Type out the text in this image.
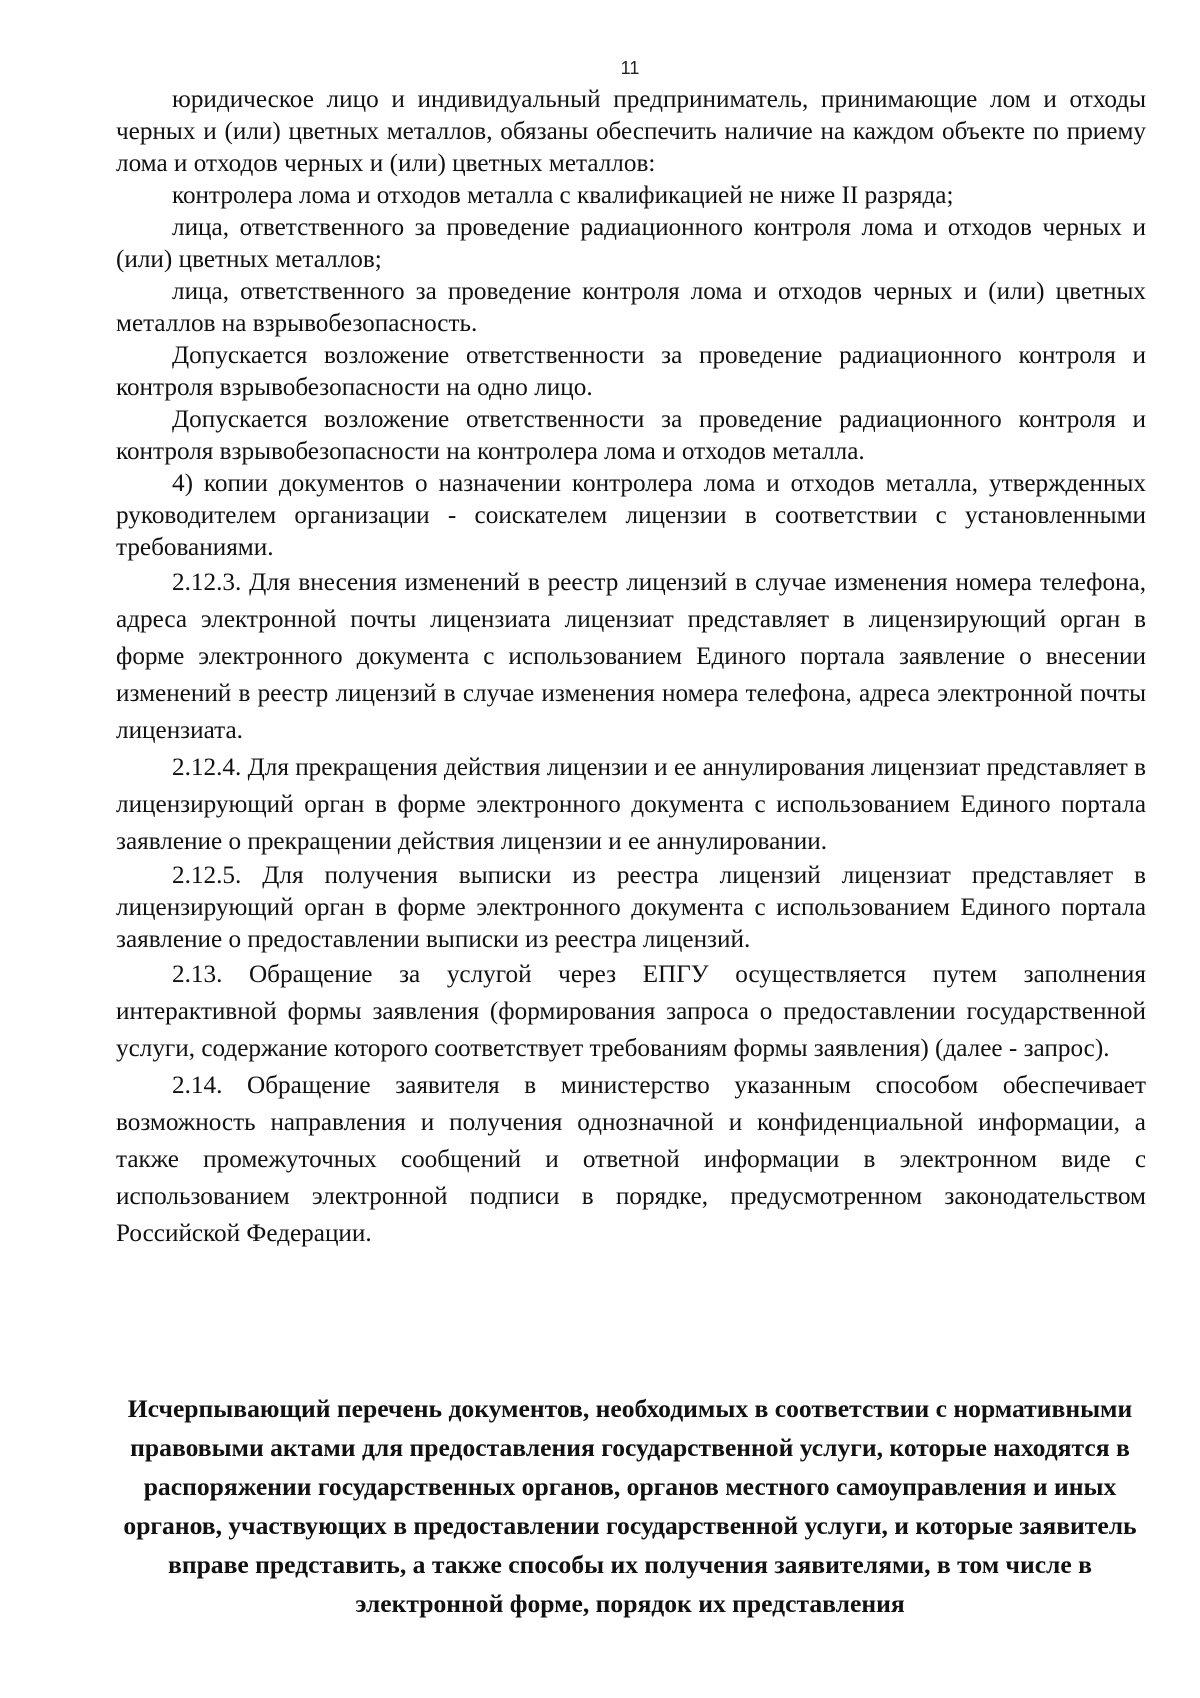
11

юридическое лицо и индивидуальный предприниматель, принимающие лом и отходы черных и (или) цветных металлов, обязаны обеспечить наличие на каждом объекте по приему лома и отходов черных и (или) цветных металлов:

контролера лома и отходов металла с квалификацией не ниже II разряда;

лица, ответственного за проведение радиационного контроля лома и отходов черных и (или) цветных металлов;

лица, ответственного за проведение контроля лома и отходов черных и (или) цветных металлов на взрывобезопасность.

Допускается возложение ответственности за проведение радиационного контроля и контроля взрывобезопасности на одно лицо.

Допускается возложение ответственности за проведение радиационного контроля и контроля взрывобезопасности на контролера лома и отходов металла.

4) копии документов о назначении контролера лома и отходов металла, утвержденных руководителем организации - соискателем лицензии в соответствии с установленными требованиями.

2.12.3. Для внесения изменений в реестр лицензий в случае изменения номера телефона, адреса электронной почты лицензиата лицензиат представляет в лицензирующий орган в форме электронного документа с использованием Единого портала заявление о внесении изменений в реестр лицензий в случае изменения номера телефона, адреса электронной почты лицензиата.

2.12.4. Для прекращения действия лицензии и ее аннулирования лицензиат представляет в лицензирующий орган в форме электронного документа с использованием Единого портала заявление о прекращении действия лицензии и ее аннулировании.

2.12.5. Для получения выписки из реестра лицензий лицензиат представляет в лицензирующий орган в форме электронного документа с использованием Единого портала заявление о предоставлении выписки из реестра лицензий.

2.13. Обращение за услугой через ЕПГУ осуществляется путем заполнения интерактивной формы заявления (формирования запроса о предоставлении государственной услуги, содержание которого соответствует требованиям формы заявления) (далее - запрос).

2.14. Обращение заявителя в министерство указанным способом обеспечивает возможность направления и получения однозначной и конфиденциальной информации, а также промежуточных сообщений и ответной информации в электронном виде с использованием электронной подписи в порядке, предусмотренном законодательством Российской Федерации.

Исчерпывающий перечень документов, необходимых в соответствии с нормативными правовыми актами для предоставления государственной услуги, которые находятся в распоряжении государственных органов, органов местного самоуправления и иных органов, участвующих в предоставлении государственной услуги, и которые заявитель вправе представить, а также способы их получения заявителями, в том числе в электронной форме, порядок их представления
